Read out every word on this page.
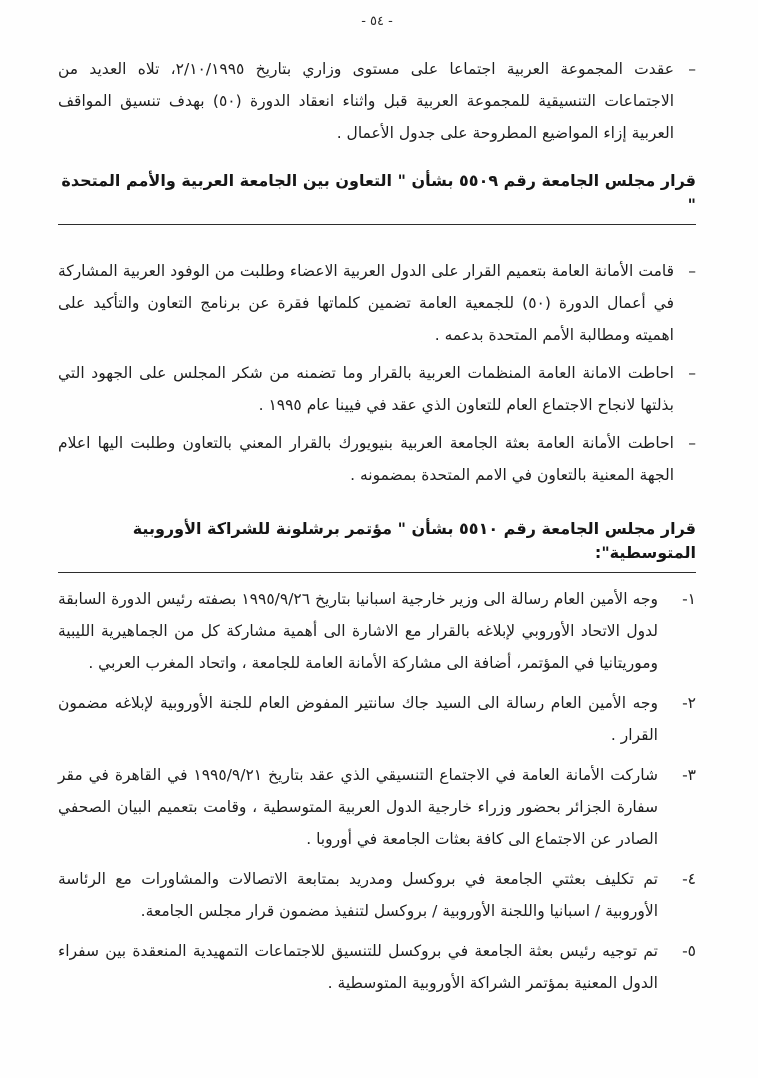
- ٥٤ -
–
عقدت المجموعة العربية اجتماعا على مستوى وزاري بتاريخ ٢/١٠/١٩٩٥، تلاه العديد من الاجتماعات التنسيقية للمجموعة العربية قبل واثناء انعقاد الدورة (٥٠) بهدف تنسيق المواقف العربية إزاء المواضيع المطروحة على جدول الأعمال .
قرار مجلس الجامعة رقم ٥٥٠٩ بشأن " التعاون بين الجامعة العربية والأمم المتحدة "
–
قامت الأمانة العامة بتعميم القرار على الدول العربية الاعضاء وطلبت من الوفود العربية المشاركة في أعمال الدورة (٥٠) للجمعية العامة تضمين كلماتها فقرة عن برنامج التعاون والتأكيد على اهميته ومطالبة الأمم المتحدة بدعمه .
–
احاطت الامانة العامة المنظمات العربية بالقرار وما تضمنه من شكر المجلس على الجهود التي بذلتها لانجاح الاجتماع العام للتعاون الذي عقد في فيينا عام ١٩٩٥ .
–
احاطت الأمانة العامة بعثة الجامعة العربية بنيويورك بالقرار المعني بالتعاون وطلبت اليها اعلام الجهة المعنية بالتعاون في الامم المتحدة بمضمونه .
قرار مجلس الجامعة رقم ٥٥١٠ بشأن " مؤتمر برشلونة للشراكة الأوروبية المتوسطية":
١-
وجه الأمين العام رسالة الى وزير خارجية اسبانيا بتاريخ ١٩٩٥/٩/٢٦ بصفته رئيس الدورة السابقة لدول الاتحاد الأوروبي لإبلاغه بالقرار مع الاشارة الى أهمية مشاركة كل من الجماهيرية الليبية وموريتانيا في المؤتمر، أضافة الى مشاركة الأمانة العامة للجامعة ، واتحاد المغرب العربي .
٢-
وجه الأمين العام رسالة الى السيد جاك سانتير المفوض العام للجنة الأوروبية لإبلاغه مضمون القرار .
٣-
شاركت الأمانة العامة في الاجتماع التنسيقي الذي عقد بتاريخ ١٩٩٥/٩/٢١ في القاهرة في مقر سفارة الجزائر بحضور وزراء خارجية الدول العربية المتوسطية ، وقامت بتعميم البيان الصحفي الصادر عن الاجتماع الى كافة بعثات الجامعة في أوروبا .
٤-
تم تكليف بعثتي الجامعة في بروكسل ومدريد بمتابعة الاتصالات والمشاورات مع الرئاسة الأوروبية / اسبانيا واللجنة الأوروبية / بروكسل لتنفيذ مضمون قرار مجلس الجامعة.
٥-
تم توجيه رئيس بعثة الجامعة في بروكسل للتنسيق للاجتماعات التمهيدية المنعقدة بين سفراء الدول المعنية بمؤتمر الشراكة الأوروبية المتوسطية .
